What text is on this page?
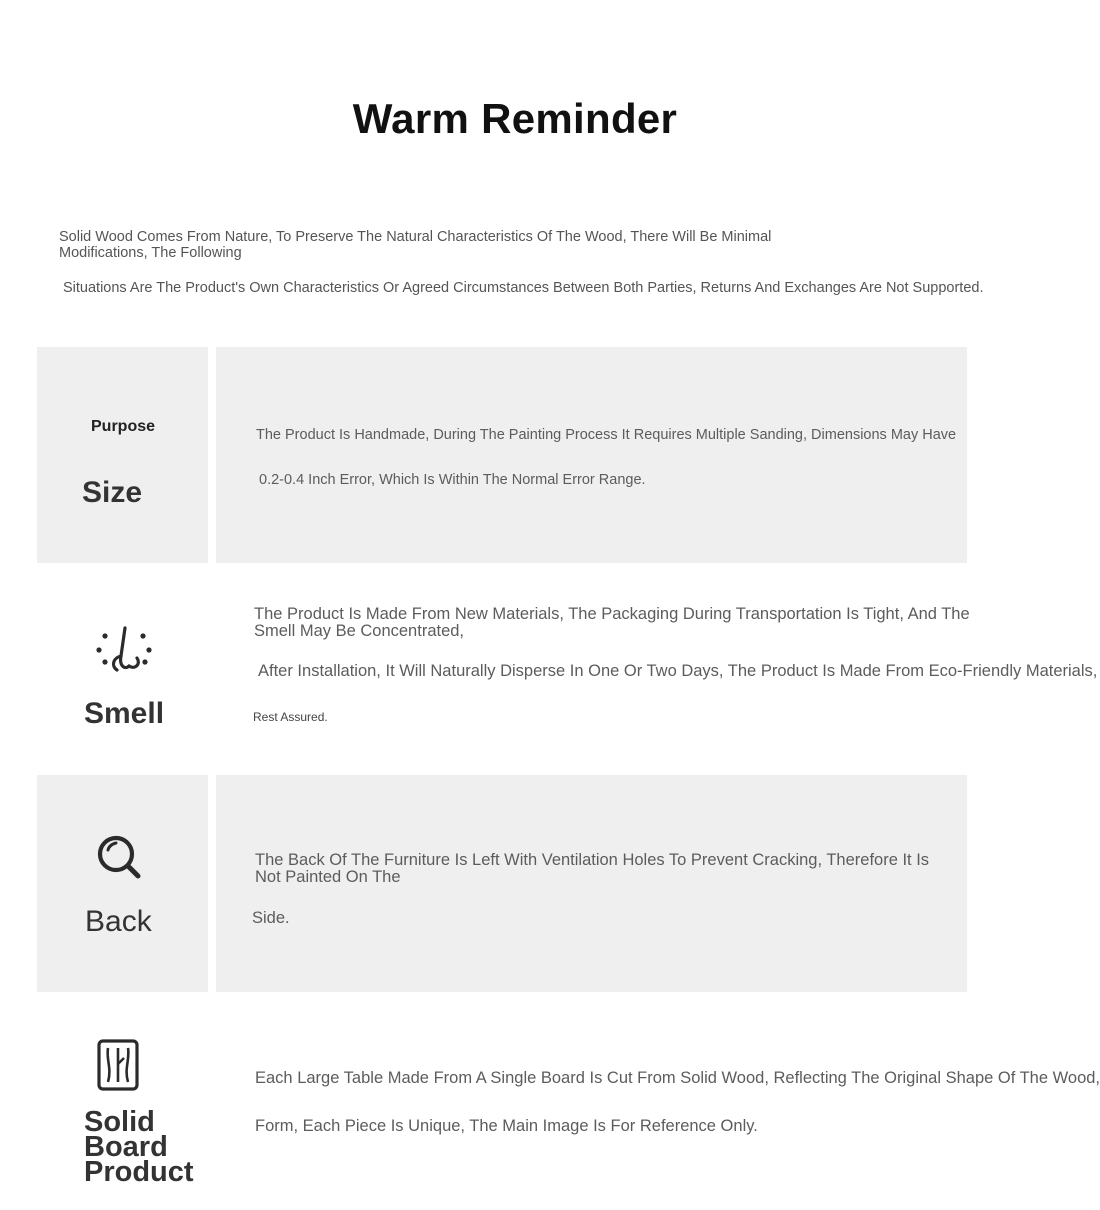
Warm Reminder
Solid Wood Comes From Nature, To Preserve The Natural Characteristics Of The Wood, There Will Be Minimal Modifications, The Following
Situations Are The Product's Own Characteristics Or Agreed Circumstances Between Both Parties, Returns And Exchanges Are Not Supported.
Purpose
Size
The Product Is Handmade, During The Painting Process It Requires Multiple Sanding, Dimensions May Have
0.2-0.4 Inch Error, Which Is Within The Normal Error Range.
Smell
The Product Is Made From New Materials, The Packaging During Transportation Is Tight, And The Smell May Be Concentrated,
After Installation, It Will Naturally Disperse In One Or Two Days, The Product Is Made From Eco-Friendly Materials,
Rest Assured.
Back
The Back Of The Furniture Is Left With Ventilation Holes To Prevent Cracking, Therefore It Is Not Painted On The
Side.
Solid
Board
Product
Each Large Table Made From A Single Board Is Cut From Solid Wood, Reflecting The Original Shape Of The Wood,
Form, Each Piece Is Unique, The Main Image Is For Reference Only.
